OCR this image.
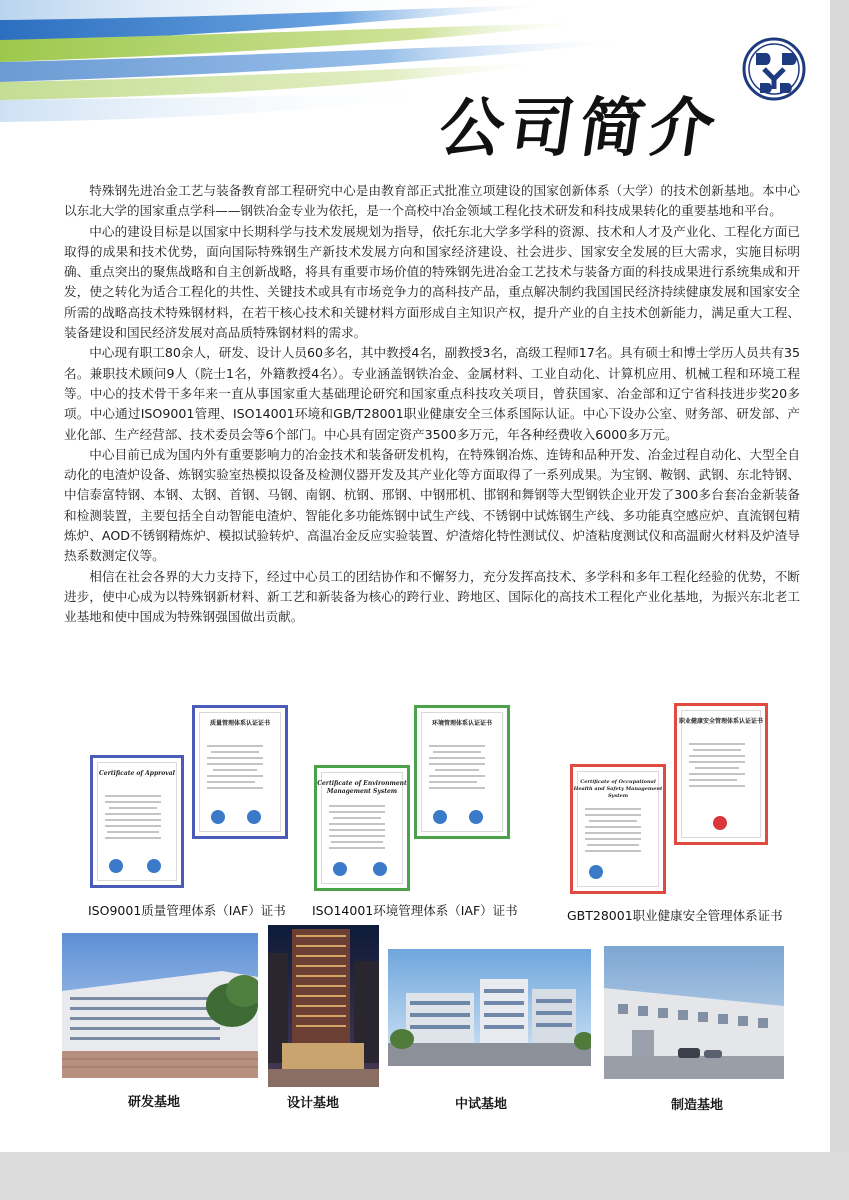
公司简介

特殊钢先进冶金工艺与装备教育部工程研究中心是由教育部正式批准立项建设的国家创新体系（大学）的技术创新基地。本中心以东北大学的国家重点学科——钢铁冶金专业为依托，是一个高校中冶金领域工程化技术研发和科技成果转化的重要基地和平台。

中心的建设目标是以国家中长期科学与技术发展规划为指导，依托东北大学多学科的资源、技术和人才及产业化、工程化方面已取得的成果和技术优势，面向国际特殊钢生产新技术发展方向和国家经济建设、社会进步、国家安全发展的巨大需求，实施目标明确、重点突出的聚焦战略和自主创新战略，将具有重要市场价值的特殊钢先进冶金工艺技术与装备方面的科技成果进行系统集成和开发，使之转化为适合工程化的共性、关键技术或具有市场竞争力的高科技产品，重点解决制约我国国民经济持续健康发展和国家安全所需的战略高技术特殊钢材料，在若干核心技术和关键材料方面形成自主知识产权，提升产业的自主技术创新能力，满足重大工程、装备建设和国民经济发展对高品质特殊钢材料的需求。

中心现有职工80余人，研发、设计人员60多名，其中教授4名，副教授3名，高级工程师17名。具有硕士和博士学历人员共有35名。兼职技术顾问9人（院士1名，外籍教授4名）。专业涵盖钢铁冶金、金属材料、工业自动化、计算机应用、机械工程和环境工程等。中心的技术骨干多年来一直从事国家重大基础理论研究和国家重点科技攻关项目，曾获国家、冶金部和辽宁省科技进步奖20多项。中心通过ISO9001管理、ISO14001环境和GB/T28001职业健康安全三体系国际认证。中心下设办公室、财务部、研发部、产业化部、生产经营部、技术委员会等6个部门。中心具有固定资产3500多万元，年各种经费收入6000多万元。

中心目前已成为国内外有重要影响力的冶金技术和装备研发机构，在特殊钢冶炼、连铸和品种开发、冶金过程自动化、大型全自动化的电渣炉设备、炼钢实验室热模拟设备及检测仪器开发及其产业化等方面取得了一系列成果。为宝钢、鞍钢、武钢、东北特钢、中信泰富特钢、本钢、太钢、首钢、马钢、南钢、杭钢、邢钢、中钢邢机、邯钢和舞钢等大型钢铁企业开发了300多台套冶金新装备和检测装置，主要包括全自动智能电渣炉、智能化多功能炼钢中试生产线、不锈钢中试炼钢生产线、多功能真空感应炉、直流钢包精炼炉、AOD不锈钢精炼炉、模拟试验转炉、高温冶金反应实验装置、炉渣熔化特性测试仪、炉渣粘度测试仪和高温耐火材料及炉渣导热系数测定仪等。

相信在社会各界的大力支持下，经过中心员工的团结协作和不懈努力，充分发挥高技术、多学科和多年工程化经验的优势，不断进步，使中心成为以特殊钢新材料、新工艺和新装备为核心的跨行业、跨地区、国际化的高技术工程化产业化基地，为振兴东北老工业基地和使中国成为特殊钢强国做出贡献。

质量管理体系认证证书
Certificate of Approval
ISO9001质量管理体系（IAF）证书
环境管理体系认证证书
Certificate of Environment Management System
ISO14001环境管理体系（IAF）证书
职业健康安全管理体系认证证书
Certificate of Occupational Health and Safety Management System
GBT28001职业健康安全管理体系证书
研发基地	设计基地	中试基地	制造基地
